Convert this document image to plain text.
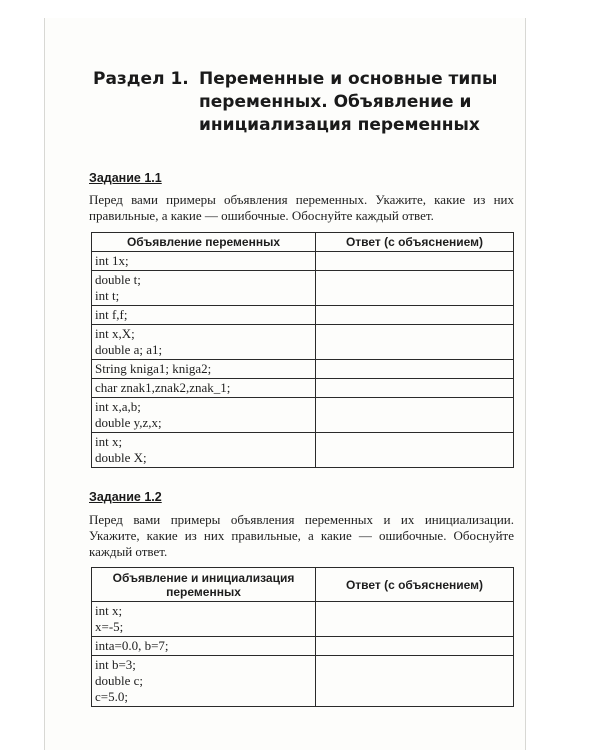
Раздел 1. Переменные и основные типы переменных. Объявление и инициализация переменных
Задание 1.1
Перед вами примеры объявления переменных. Укажите, какие из них правильные, а какие — ошибочные. Обоснуйте каждый ответ.
Объявление переменных	Ответ (с объяснением)

int 1x;	

double t;
int t;	

int f,f;	

int x,X;
double a; a1;	

String kniga1; kniga2;	

char znak1,znak2,znak_1;	

int x,a,b;
double y,z,x;	

int x;
double X;	

Задание 1.2
Перед вами примеры объявления переменных и их инициализации. Укажите, какие из них правильные, а какие — ошибочные. Обоснуйте каждый ответ.
Объявление и инициализация переменных	Ответ (с объяснением)

int x;
x=-5;	

inta=0.0, b=7;	

int b=3;
double c;
c=5.0;	
